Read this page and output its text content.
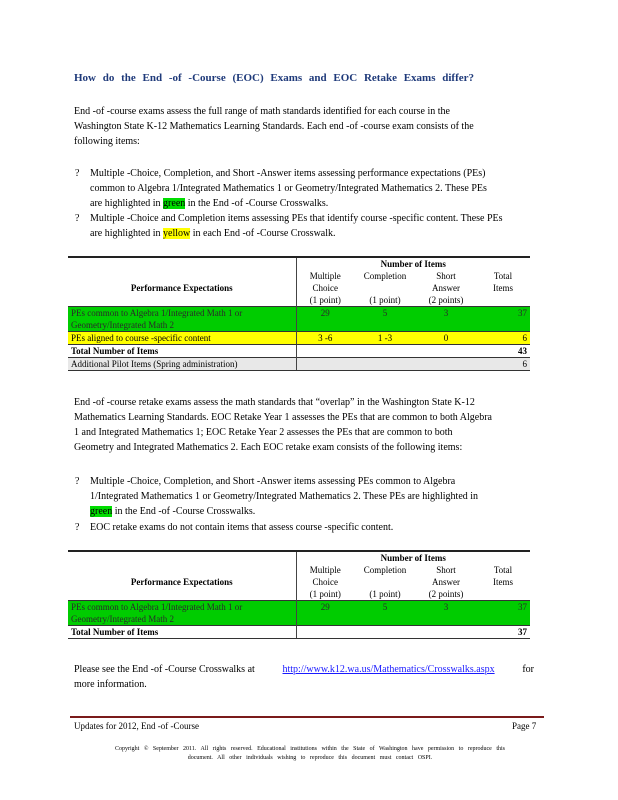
How do the End -of -Course (EOC) Exams and EOC Retake Exams differ?
End -of -course exams assess the full range of math standards identified for each course in the
Washington State K-12 Mathematics Learning Standards. Each end -of -course exam consists of the
following items:
? Multiple -Choice, Completion, and Short -Answer items assessing performance expectations (PEs)
common to Algebra 1/Integrated Mathematics 1 or Geometry/Integrated Mathematics 2. These PEs
are highlighted in green in the End -of -Course Crosswalks.
? Multiple -Choice and Completion items assessing PEs that identify course -specific content. These PEs
are highlighted in yellow in each End -of -Course Crosswalk.
	Number of Items			
	Multiple	Completion	Short	Total
Performance Expectations	Choice		Answer	Items
	(1 point)	(1 point)	(2 points)	
PEs common to Algebra 1/Integrated Math 1 or	29	5	3	37
Geometry/Integrated Math 2				
PEs aligned to course -specific content	3 -6	1 -3	0	6
Total Number of Items				43
Additional Pilot Items (Spring administration)				6
End -of -course retake exams assess the math standards that “overlap” in the Washington State K-12
Mathematics Learning Standards. EOC Retake Year 1 assesses the PEs that are common to both Algebra
1 and Integrated Mathematics 1; EOC Retake Year 2 assesses the PEs that are common to both
Geometry and Integrated Mathematics 2. Each EOC retake exam consists of the following items:
? Multiple -Choice, Completion, and Short -Answer items assessing PEs common to Algebra
1/Integrated Mathematics 1 or Geometry/Integrated Mathematics 2. These PEs are highlighted in
green in the End -of -Course Crosswalks.
? EOC retake exams do not contain items that assess course -specific content.
	Number of Items			
	Multiple	Completion	Short	Total
Performance Expectations	Choice		Answer	Items
	(1 point)	(1 point)	(2 points)	
PEs common to Algebra 1/Integrated Math 1 or	29	5	3	37
Geometry/Integrated Math 2				
Total Number of Items				37
Please see the End -of -Course Crosswalks at	http://www.k12.wa.us/Mathematics/Crosswalks.aspx	for
more information.
Updates for 2012, End -of -Course	Page 7
Copyright © September 2011. All rights reserved. Educational institutions within the State of Washington have permission to reproduce this
document. All other individuals wishing to reproduce this document must contact OSPI.
